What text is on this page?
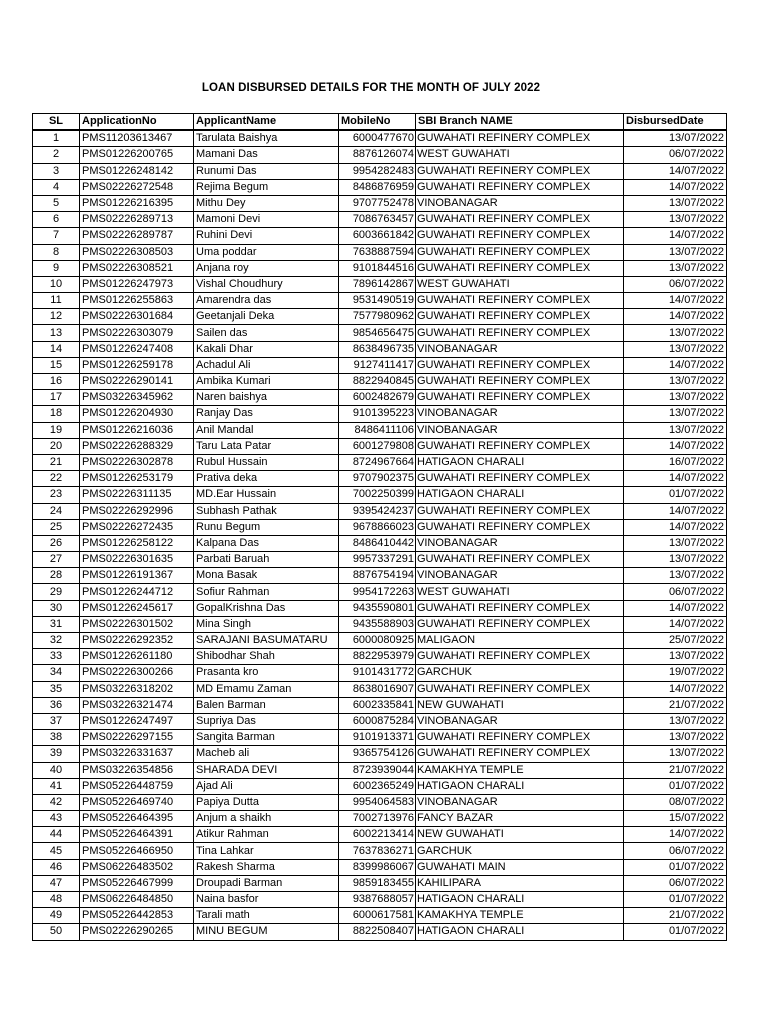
LOAN DISBURSED DETAILS FOR THE MONTH OF JULY 2022
SL	ApplicationNo	ApplicantName	MobileNo	SBI Branch NAME	DisbursedDate
1	PMS11203613467	Tarulata Baishya	6000477670	GUWAHATI REFINERY COMPLEX	13/07/2022
2	PMS01226200765	Mamani Das	8876126074	WEST GUWAHATI	06/07/2022
3	PMS01226248142	Runumi Das	9954282483	GUWAHATI REFINERY COMPLEX	14/07/2022
4	PMS02226272548	Rejima Begum	8486876959	GUWAHATI REFINERY COMPLEX	14/07/2022
5	PMS01226216395	Mithu Dey	9707752478	VINOBANAGAR	13/07/2022
6	PMS02226289713	Mamoni Devi	7086763457	GUWAHATI REFINERY COMPLEX	13/07/2022
7	PMS02226289787	Ruhini Devi	6003661842	GUWAHATI REFINERY COMPLEX	14/07/2022
8	PMS02226308503	Uma poddar	7638887594	GUWAHATI REFINERY COMPLEX	13/07/2022
9	PMS02226308521	Anjana roy	9101844516	GUWAHATI REFINERY COMPLEX	13/07/2022
10	PMS01226247973	Vishal Choudhury	7896142867	WEST GUWAHATI	06/07/2022
11	PMS01226255863	Amarendra das	9531490519	GUWAHATI REFINERY COMPLEX	14/07/2022
12	PMS02226301684	Geetanjali Deka	7577980962	GUWAHATI REFINERY COMPLEX	14/07/2022
13	PMS02226303079	Sailen das	9854656475	GUWAHATI REFINERY COMPLEX	13/07/2022
14	PMS01226247408	Kakali Dhar	8638496735	VINOBANAGAR	13/07/2022
15	PMS01226259178	Achadul Ali	9127411417	GUWAHATI REFINERY COMPLEX	14/07/2022
16	PMS02226290141	Ambika Kumari	8822940845	GUWAHATI REFINERY COMPLEX	13/07/2022
17	PMS03226345962	Naren baishya	6002482679	GUWAHATI REFINERY COMPLEX	13/07/2022
18	PMS01226204930	Ranjay Das	9101395223	VINOBANAGAR	13/07/2022
19	PMS01226216036	Anil Mandal	8486411106	VINOBANAGAR	13/07/2022
20	PMS02226288329	Taru Lata Patar	6001279808	GUWAHATI REFINERY COMPLEX	14/07/2022
21	PMS02226302878	Rubul Hussain	8724967664	HATIGAON CHARALI	16/07/2022
22	PMS01226253179	Prativa deka	9707902375	GUWAHATI REFINERY COMPLEX	14/07/2022
23	PMS02226311135	MD.Ear Hussain	7002250399	HATIGAON CHARALI	01/07/2022
24	PMS02226292996	Subhash Pathak	9395424237	GUWAHATI REFINERY COMPLEX	14/07/2022
25	PMS02226272435	Runu Begum	9678866023	GUWAHATI REFINERY COMPLEX	14/07/2022
26	PMS01226258122	Kalpana Das	8486410442	VINOBANAGAR	13/07/2022
27	PMS02226301635	Parbati Baruah	9957337291	GUWAHATI REFINERY COMPLEX	13/07/2022
28	PMS01226191367	Mona Basak	8876754194	VINOBANAGAR	13/07/2022
29	PMS01226244712	Sofiur Rahman	9954172263	WEST GUWAHATI	06/07/2022
30	PMS01226245617	GopalKrishna Das	9435590801	GUWAHATI REFINERY COMPLEX	14/07/2022
31	PMS02226301502	Mina Singh	9435588903	GUWAHATI REFINERY COMPLEX	14/07/2022
32	PMS02226292352	SARAJANI BASUMATARU	6000080925	MALIGAON	25/07/2022
33	PMS01226261180	Shibodhar Shah	8822953979	GUWAHATI REFINERY COMPLEX	13/07/2022
34	PMS02226300266	Prasanta kro	9101431772	GARCHUK	19/07/2022
35	PMS03226318202	MD Emamu Zaman	8638016907	GUWAHATI REFINERY COMPLEX	14/07/2022
36	PMS03226321474	Balen Barman	6002335841	NEW GUWAHATI	21/07/2022
37	PMS01226247497	Supriya Das	6000875284	VINOBANAGAR	13/07/2022
38	PMS02226297155	Sangita Barman	9101913371	GUWAHATI REFINERY COMPLEX	13/07/2022
39	PMS03226331637	Macheb ali	9365754126	GUWAHATI REFINERY COMPLEX	13/07/2022
40	PMS03226354856	SHARADA DEVI	8723939044	KAMAKHYA TEMPLE	21/07/2022
41	PMS05226448759	Ajad Ali	6002365249	HATIGAON CHARALI	01/07/2022
42	PMS05226469740	Papiya Dutta	9954064583	VINOBANAGAR	08/07/2022
43	PMS05226464395	Anjum a shaikh	7002713976	FANCY BAZAR	15/07/2022
44	PMS05226464391	Atikur Rahman	6002213414	NEW GUWAHATI	14/07/2022
45	PMS05226466950	Tina Lahkar	7637836271	GARCHUK	06/07/2022
46	PMS06226483502	Rakesh Sharma	8399986067	GUWAHATI MAIN	01/07/2022
47	PMS05226467999	Droupadi Barman	9859183455	KAHILIPARA	06/07/2022
48	PMS06226484850	Naina basfor	9387688057	HATIGAON CHARALI	01/07/2022
49	PMS05226442853	Tarali math	6000617581	KAMAKHYA TEMPLE	21/07/2022
50	PMS02226290265	MINU BEGUM	8822508407	HATIGAON CHARALI	01/07/2022
